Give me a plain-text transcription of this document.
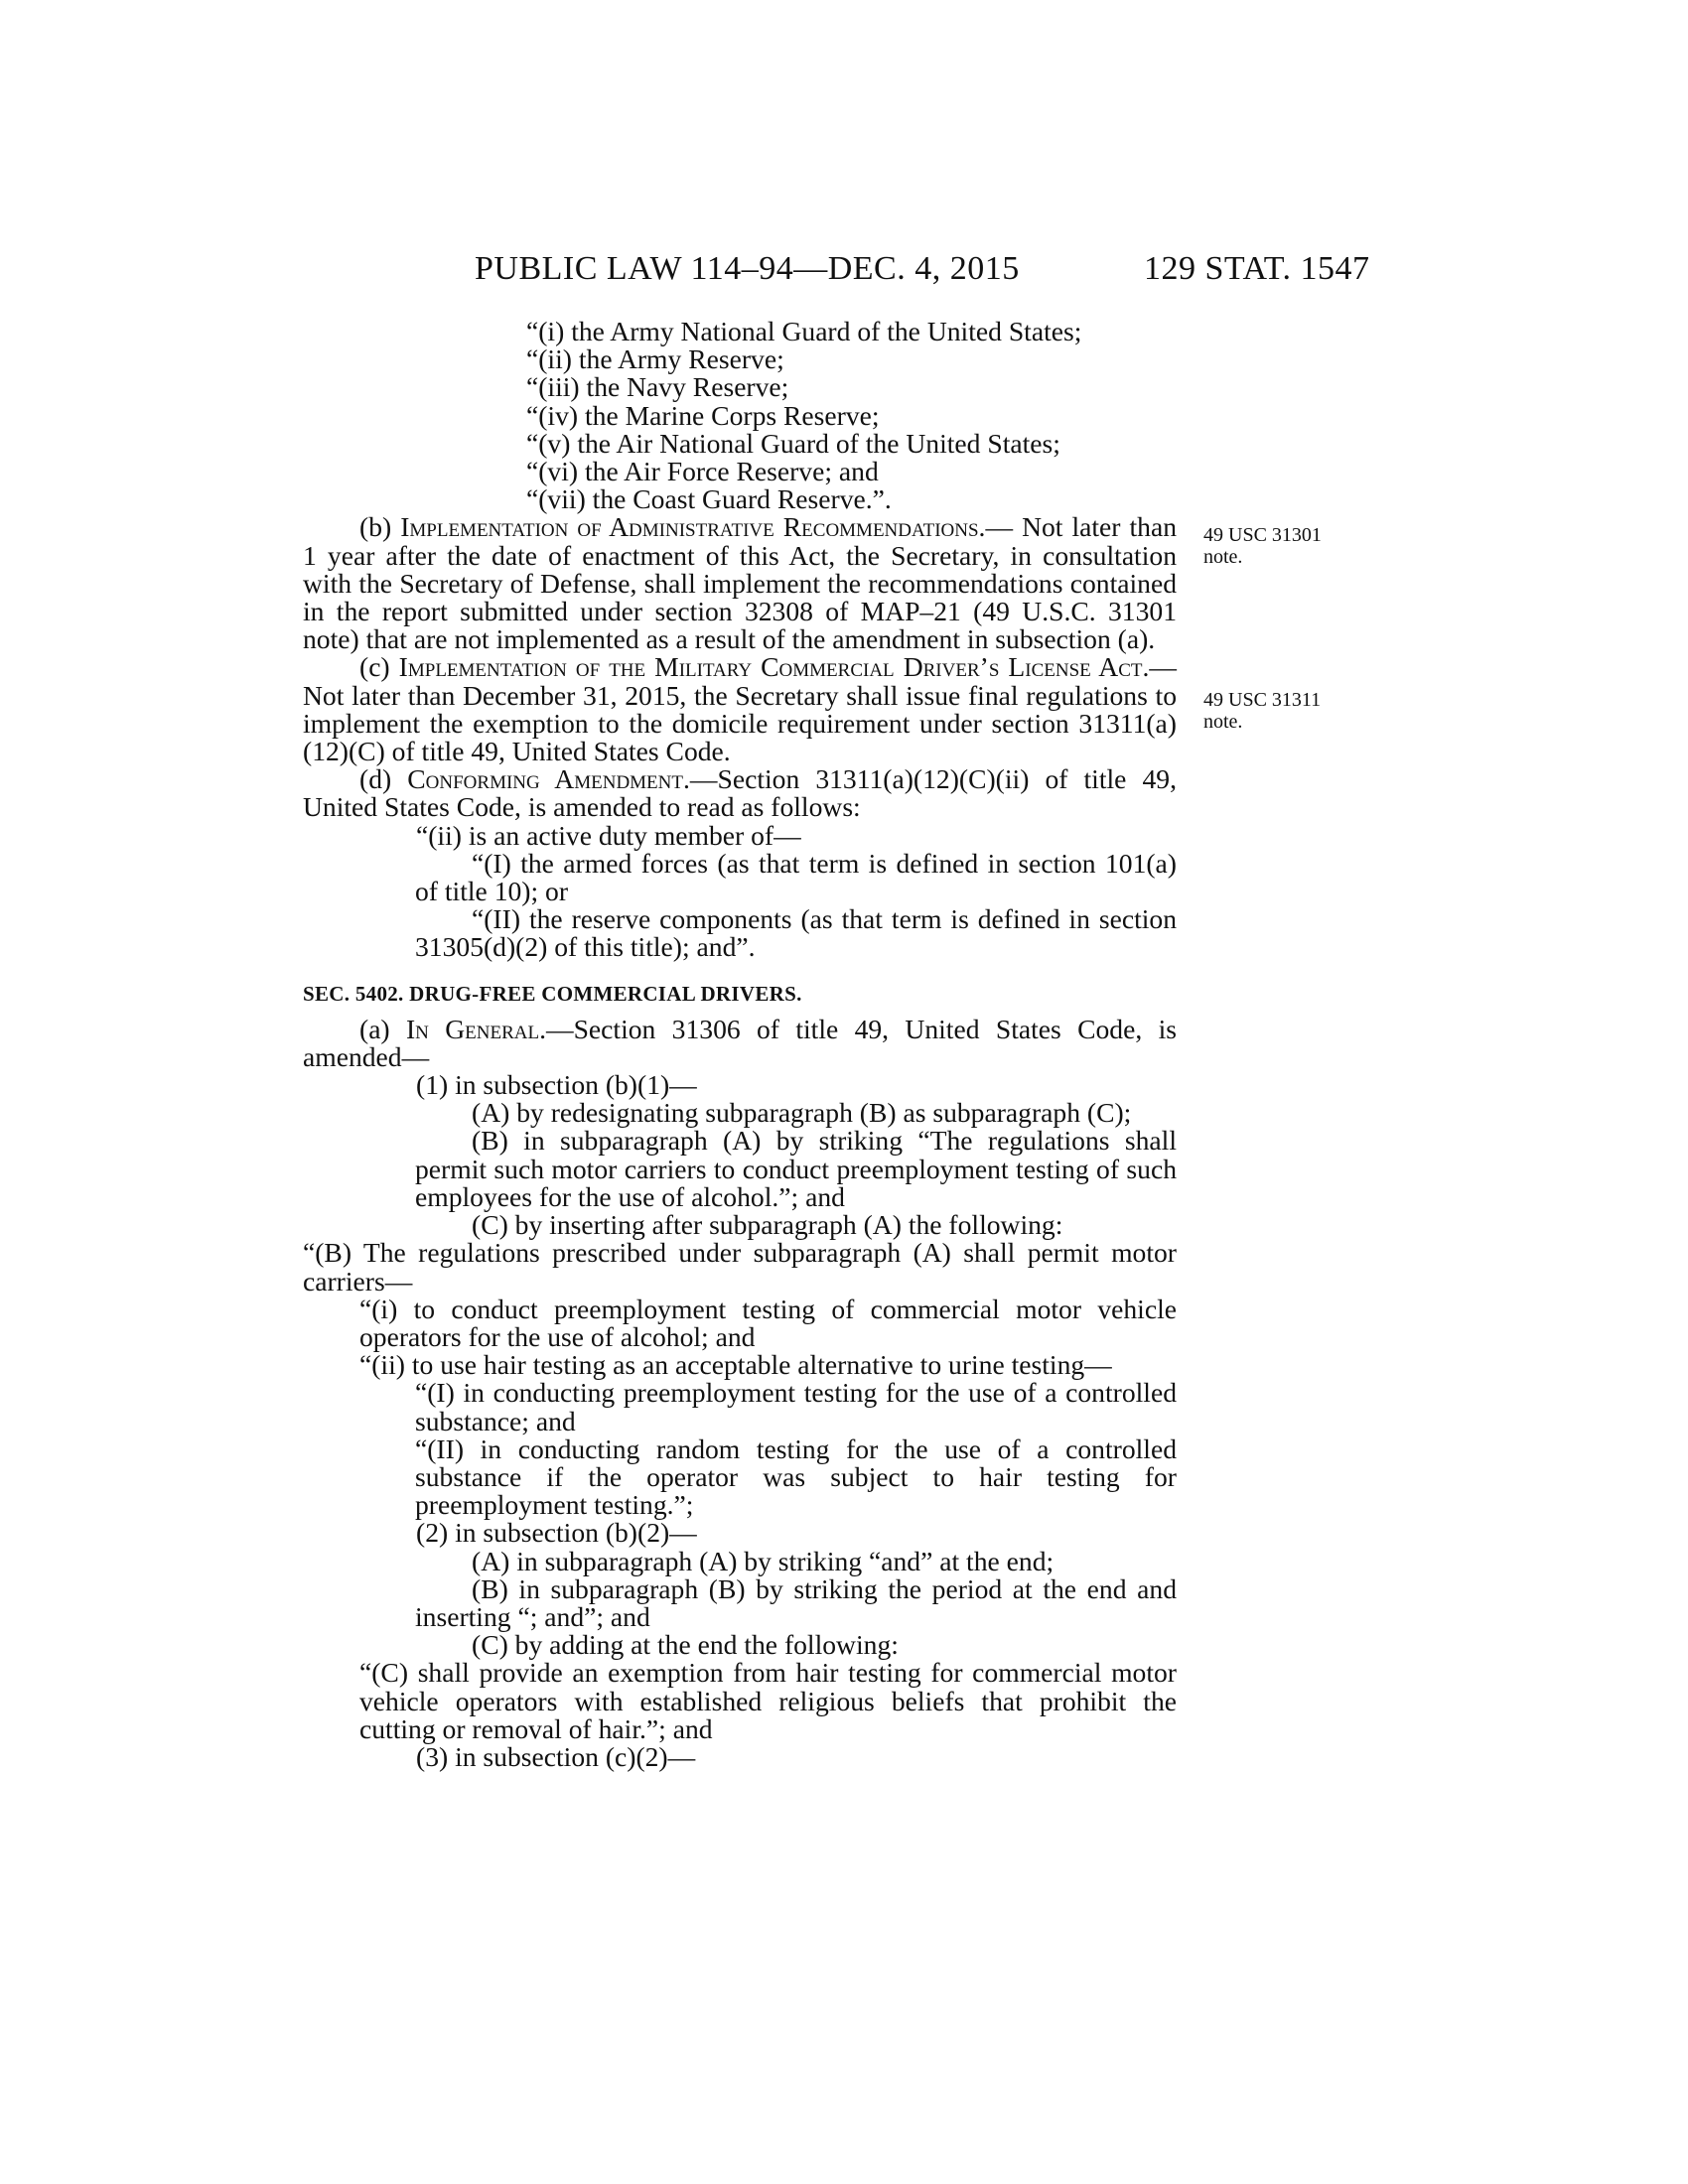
PUBLIC LAW 114–94—DEC. 4, 2015	129 STAT. 1547

“(i) the Army National Guard of the United States;

“(ii) the Army Reserve;

“(iii) the Navy Reserve;

“(iv) the Marine Corps Reserve;

“(v) the Air National Guard of the United States;

“(vi) the Air Force Reserve; and

“(vii) the Coast Guard Reserve.”.

(b) Implementation of Administrative Recommendations.— Not later than 1 year after the date of enactment of this Act, the Secretary, in consultation with the Secretary of Defense, shall implement the recommendations contained in the report submitted under section 32308 of MAP–21 (49 U.S.C. 31301 note) that are not implemented as a result of the amendment in subsection (a).

(c) Implementation of the Military Commercial Driver’s License Act.—Not later than December 31, 2015, the Secretary shall issue final regulations to implement the exemption to the domicile requirement under section 31311(a)(12)(C) of title 49, United States Code.

(d) Conforming Amendment.—Section 31311(a)(12)(C)(ii) of title 49, United States Code, is amended to read as follows:

“(ii) is an active duty member of—

“(I) the armed forces (as that term is defined in section 101(a) of title 10); or

“(II) the reserve components (as that term is defined in section 31305(d)(2) of this title); and”.

SEC. 5402. DRUG-FREE COMMERCIAL DRIVERS.

(a) In General.—Section 31306 of title 49, United States Code, is amended—

(1) in subsection (b)(1)—

(A) by redesignating subparagraph (B) as subparagraph (C);

(B) in subparagraph (A) by striking “The regulations shall permit such motor carriers to conduct preemployment testing of such employees for the use of alcohol.”; and

(C) by inserting after subparagraph (A) the following:

“(B) The regulations prescribed under subparagraph (A) shall permit motor carriers—

“(i) to conduct preemployment testing of commercial motor vehicle operators for the use of alcohol; and

“(ii) to use hair testing as an acceptable alternative to urine testing—

“(I) in conducting preemployment testing for the use of a controlled substance; and

“(II) in conducting random testing for the use of a controlled substance if the operator was subject to hair testing for preemployment testing.”;

(2) in subsection (b)(2)—

(A) in subparagraph (A) by striking “and” at the end;

(B) in subparagraph (B) by striking the period at the end and inserting “; and”; and

(C) by adding at the end the following:

“(C) shall provide an exemption from hair testing for commercial motor vehicle operators with established religious beliefs that prohibit the cutting or removal of hair.”; and

(3) in subsection (c)(2)—

49 USC 31301
note.
49 USC 31311
note.
